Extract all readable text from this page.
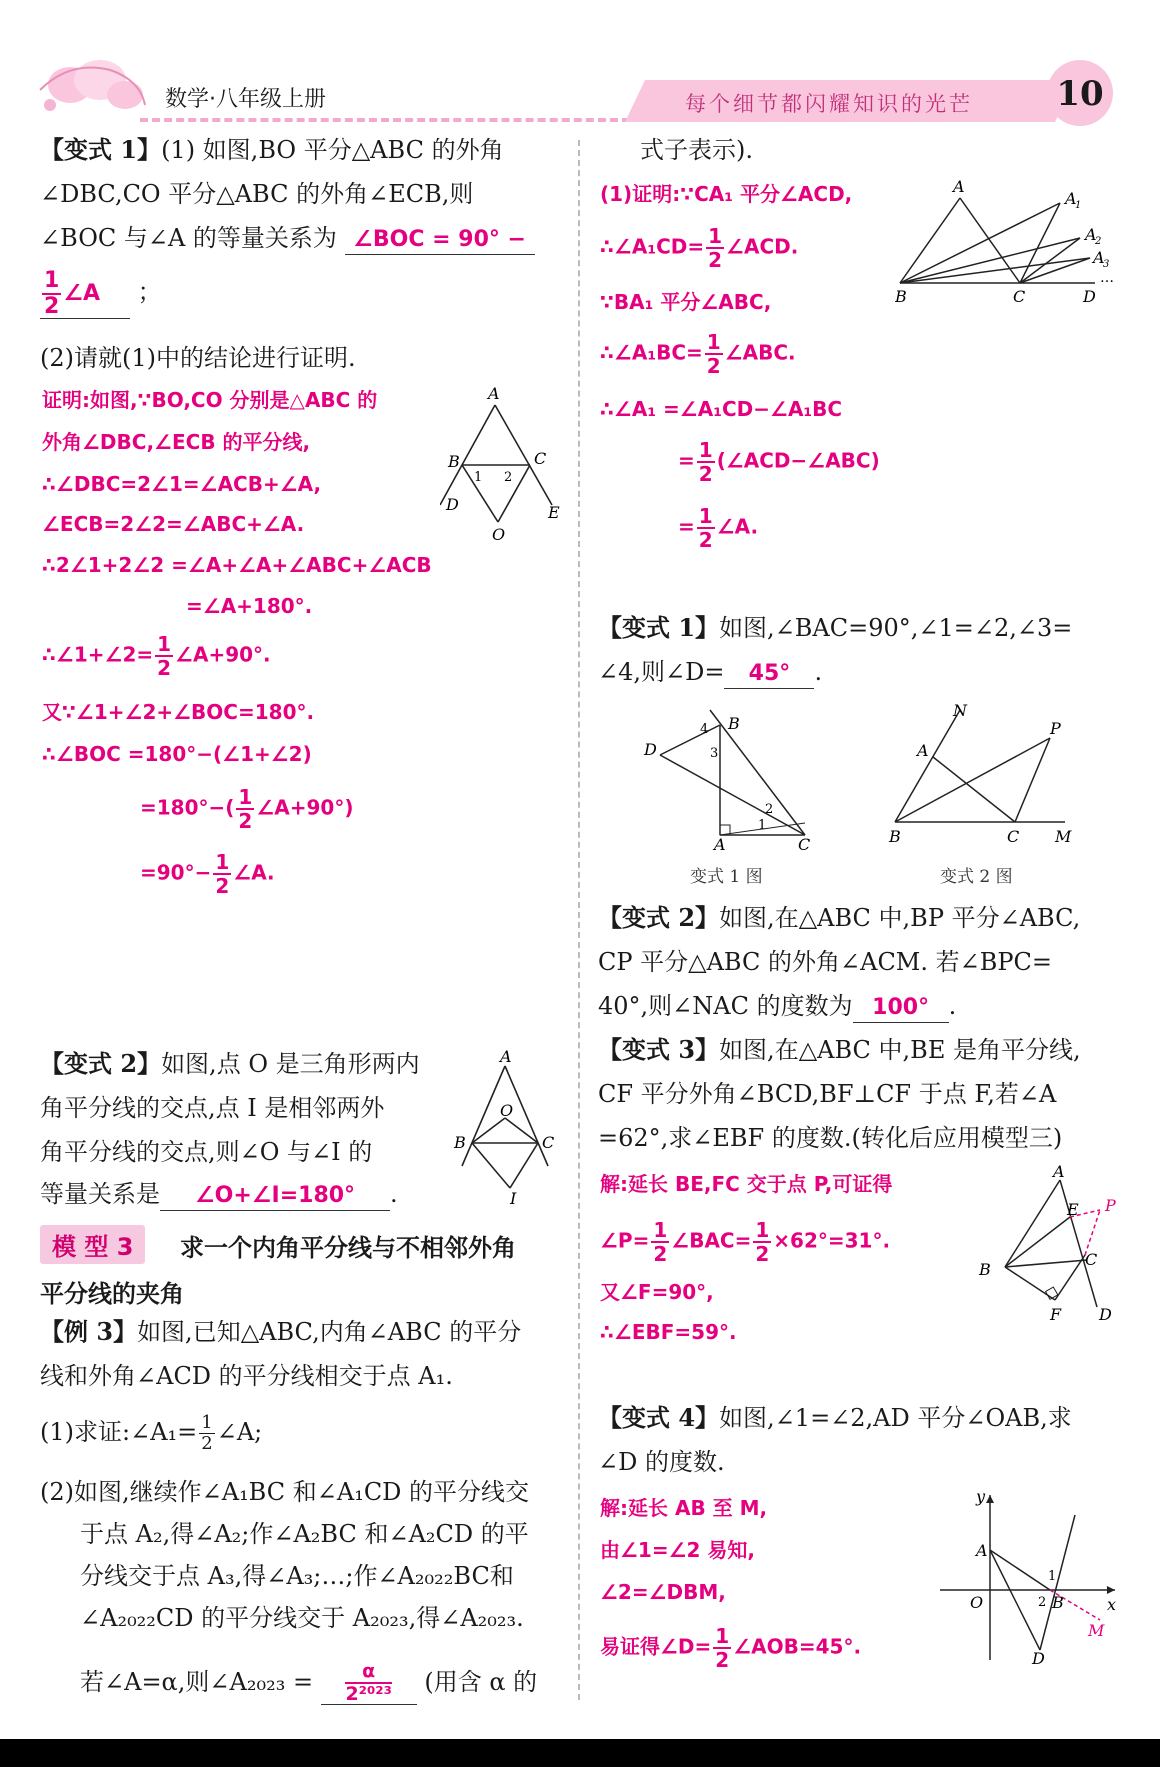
数学·八年级上册	每个细节都闪耀知识的光芒 10
【变式 1】(1) 如图,BO 平分△ABC 的外角
∠DBC,CO 平分△ABC 的外角∠ECB,则
∠BOC 与∠A 的等量关系为 ∠BOC = 90° −
$\frac{1}{2}$ ∠A ；
(2)请就(1)中的结论进行证明.
证明:如图,∵BO,CO 分别是△ABC 的
外角∠DBC,∠ECB 的平分线,
∴∠DBC=2∠1=∠ACB+∠A,
∠ECB=2∠2=∠ABC+∠A.
∴2∠1+2∠2 =∠A+∠A+∠ABC+∠ACB
=∠A+180°.
∴∠1+∠2= $\frac{1}{2}$ ∠A+90°.
又∵∠1+∠2+∠BOC=180°.
∴∠BOC =180°−(∠1+∠2)
$=180^\circ-( \frac{1}{2}$ ∠A+90°)
$=90^\circ- \frac{1}{2}$ ∠A.
A
B	C
D	E
O
1 2
【变式 2】如图,点 O 是三角形两内
角平分线的交点,点 I 是相邻两外
角平分线的交点,则∠O 与∠I 的
等量关系是 ∠O+∠I=180° .
A
O
B	C
I
模 型 3	求一个内角平分线与不相邻外角
平分线的夹角
【例 3】如图,已知△ABC,内角∠ABC 的平分
线和外角∠ACD 的平分线相交于点 A₁.
(1)求证:∠A₁= $\frac{1}{2}$ ∠A;
(2)如图,继续作∠A₁BC 和∠A₁CD 的平分线交
于点 A₂,得∠A₂;作∠A₂BC 和∠A₂CD 的平
分线交于点 A₃,得∠A₃;…;作∠A₂₀₂₂BC和
∠A₂₀₂₂CD 的平分线交于 A₂₀₂₃,得∠A₂₀₂₃.
若∠A=α,则∠A₂₀₂₃ = $\frac{\alpha}{\text{2²⁰²³}}$ (用含 α 的
式子表示).
(1)证明:∵CA₁ 平分∠ACD,
∴∠A₁CD= $\frac{1}{2}$ ∠ACD.
∵BA₁ 平分∠ABC,
∴∠A₁BC= $\frac{1}{2}$ ∠ABC.
∴∠A₁ =∠A₁CD−∠A₁BC
= $\frac{1}{2}$ (∠ACD−∠ABC)
= $\frac{1}{2}$ ∠A.
A
A
1
A
2
A
3
B	C	D
…
【变式 1】如图,∠BAC=90°,∠1=∠2,∠3=
∠4,则∠D= 45° .
B
D
A	C
4
3
2
1
变式 1 图
N
A
P
B	C M
变式 2 图
【变式 2】如图,在△ABC 中,BP 平分∠ABC,
CP 平分△ABC 的外角∠ACM. 若∠BPC=
40°,则∠NAC 的度数为 100° .
【变式 3】如图,在△ABC 中,BE 是角平分线,
CF 平分外角∠BCD,BF⊥CF 于点 F,若∠A
=62°,求∠EBF 的度数.(转化后应用模型三)
解:延长 BE,FC 交于点 P,可证得
∠P= $\frac{1}{2}$ ∠BAC= $\frac{1}{2} \times 62^\circ=31^\circ$.
又∠F=90°,
∴∠EBF=59°.
A
E P
C
B
F D
【变式 4】如图,∠1=∠2,AD 平分∠OAB,求
∠D 的度数.
解:延长 AB 至 M,
由∠1=∠2 易知,
∠2=∠DBM,
易证得∠D= $\frac{1}{2}$ ∠AOB=45°.
y
x
A
O	B
D
M
1
2
